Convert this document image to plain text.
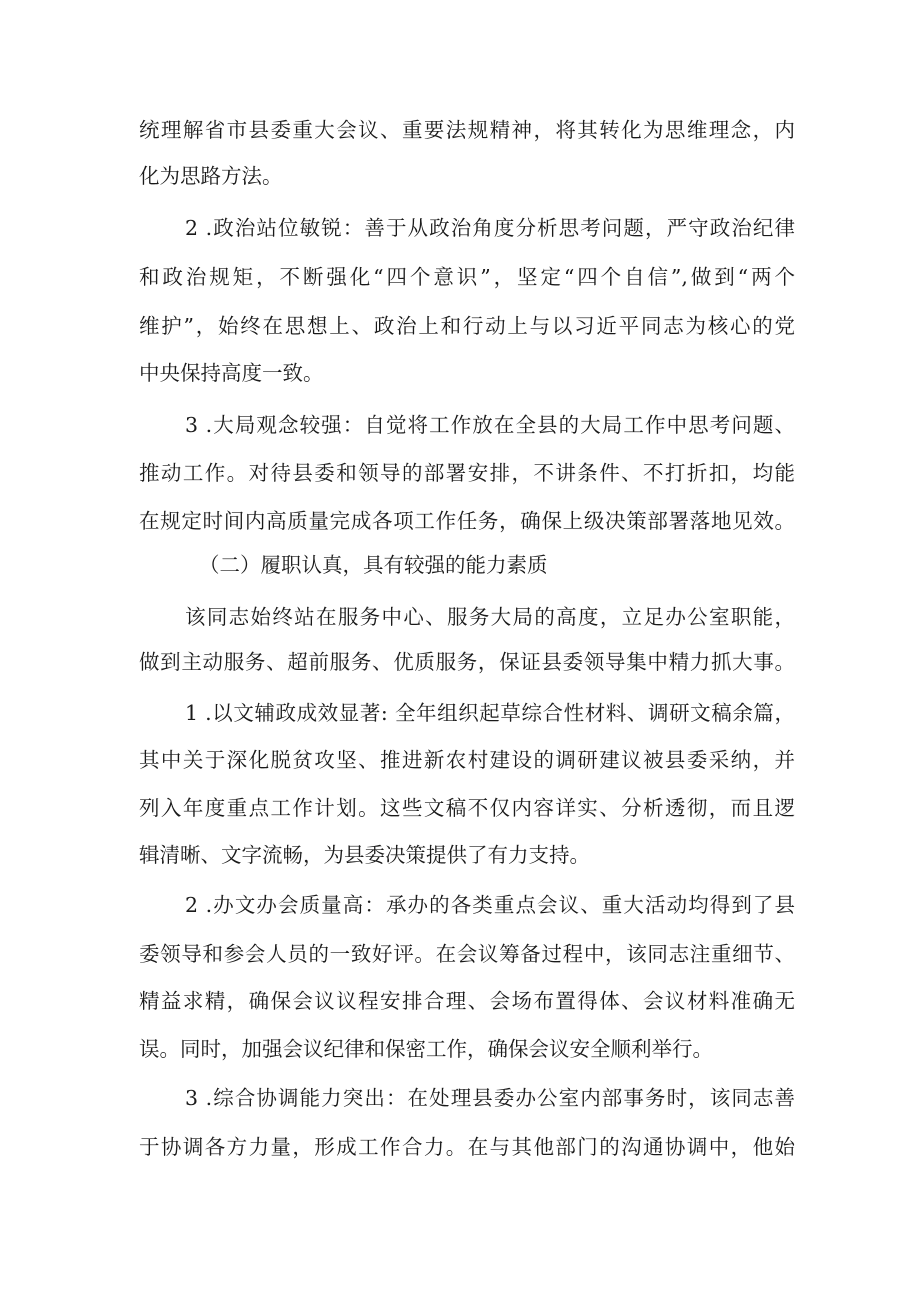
统理解省市县委重大会议、重要法规精神，将其转化为思维理念，内
化为思路方法。
2 .政治站位敏锐：善于从政治角度分析思考问题，严守政治纪律
和政治规矩，不断强化“四个意识”，坚定“四个自信”,做到“两个
维护”，始终在思想上、政治上和行动上与以习近平同志为核心的党
中央保持高度一致。
3 .大局观念较强：自觉将工作放在全县的大局工作中思考问题、
推动工作。对待县委和领导的部署安排，不讲条件、不打折扣，均能
在规定时间内高质量完成各项工作任务，确保上级决策部署落地见效。
（二）履职认真，具有较强的能力素质
该同志始终站在服务中心、服务大局的高度，立足办公室职能，
做到主动服务、超前服务、优质服务，保证县委领导集中精力抓大事。
1 .以文辅政成效显著: 全年组织起草综合性材料、调研文稿余篇，
其中关于深化脱贫攻坚、推进新农村建设的调研建议被县委采纳，并
列入年度重点工作计划。这些文稿不仅内容详实、分析透彻，而且逻
辑清晰、文字流畅，为县委决策提供了有力支持。
2 .办文办会质量高：承办的各类重点会议、重大活动均得到了县
委领导和参会人员的一致好评。在会议筹备过程中，该同志注重细节、
精益求精，确保会议议程安排合理、会场布置得体、会议材料准确无
误。同时，加强会议纪律和保密工作，确保会议安全顺利举行。
3 .综合协调能力突出：在处理县委办公室内部事务时，该同志善
于协调各方力量，形成工作合力。在与其他部门的沟通协调中，他始
